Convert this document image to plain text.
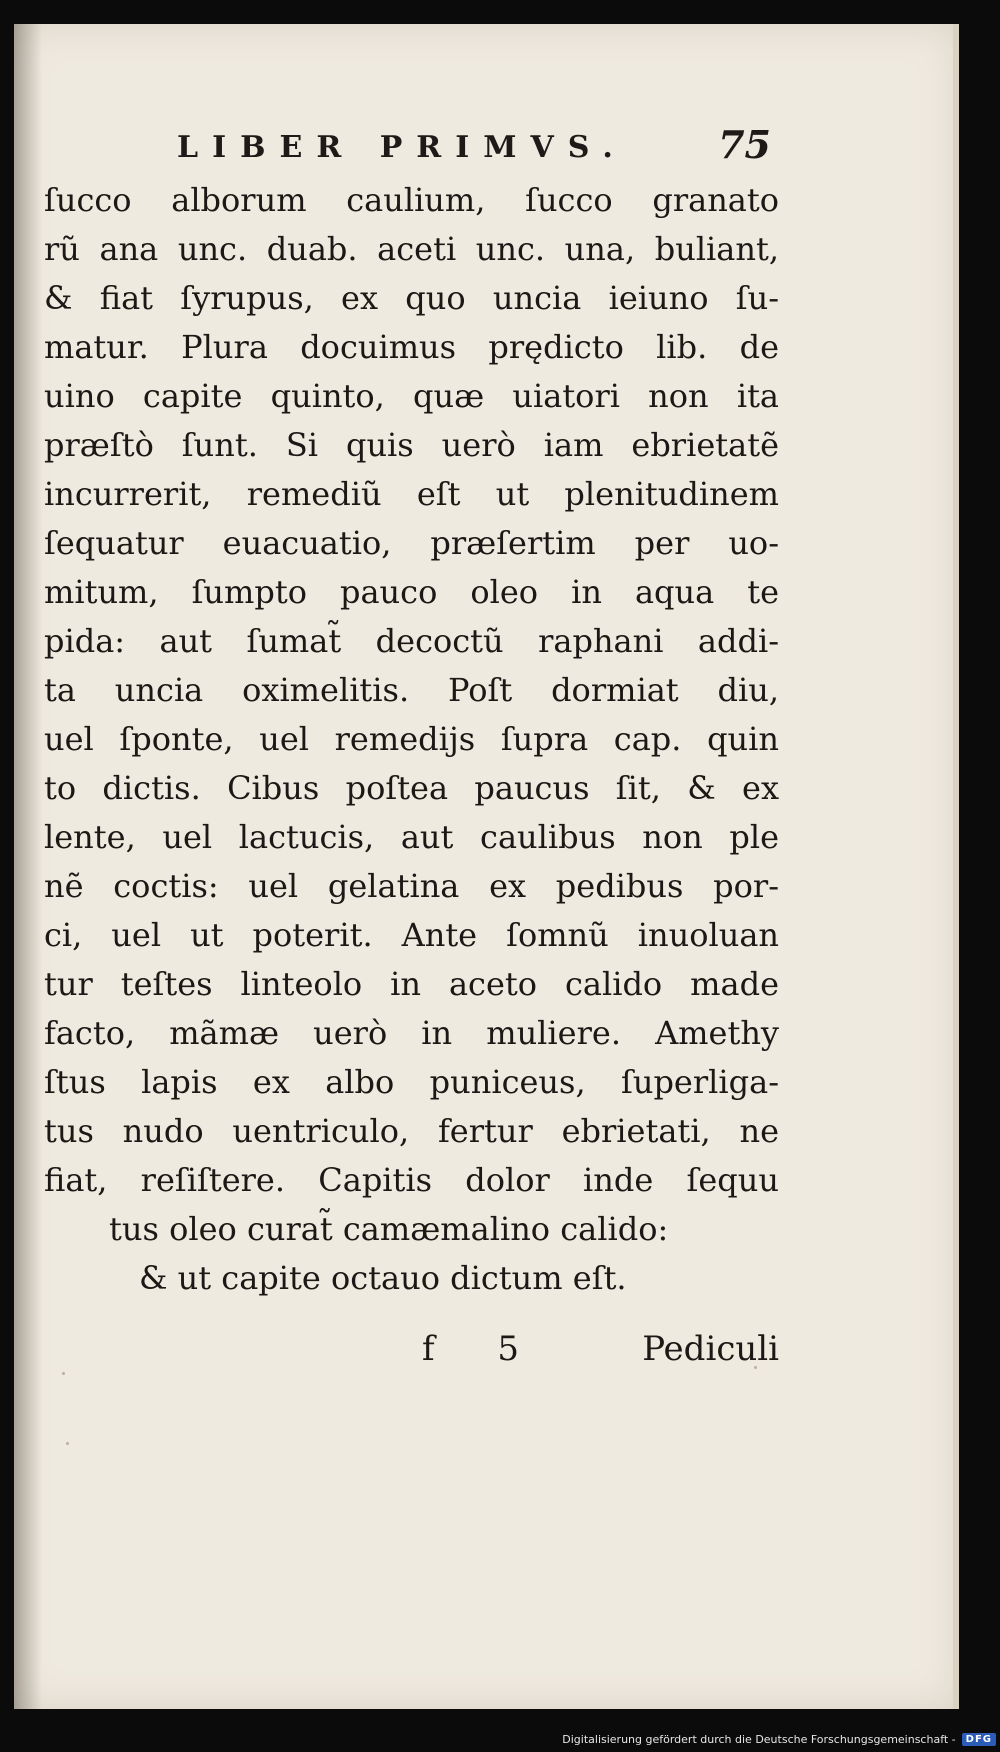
LIBER PRIMVS. 75
ſucco alborum caulium, ſucco granato
rũ ana unc. duab. aceti unc. una, buliant,
& fiat ſyrupus, ex quo uncia ieiuno ſu-
matur. Plura docuimus prędicto lib. de
uino capite quinto, quæ uiatori non ita
præſtò ſunt. Si quis uerò iam ebrietatẽ
incurrerit, remediũ eſt ut plenitudinem
ſequatur euacuatio, præſertim per uo-
mitum, ſumpto pauco oleo in aqua te
pida: aut ſumat̃ decoctũ raphani addi-
ta uncia oximelitis. Poſt dormiat diu,
uel ſponte, uel remedijs ſupra cap. quin
to dictis. Cibus poſtea paucus ſit, & ex
lente, uel lactucis, aut caulibus non ple
nẽ coctis: uel gelatina ex pedibus por-
ci, uel ut poterit. Ante ſomnũ inuoluan
tur teſtes linteolo in aceto calido made
facto, mãmæ uerò in muliere. Amethy
ſtus lapis ex albo puniceus, ſuperliga-
tus nudo uentriculo, fertur ebrietati, ne
fiat, reſiſtere. Capitis dolor inde ſequu
tus oleo curat̃ camæmalino calido:
& ut capite octauo dictum eſt.
f 5	Pediculi
Digitalisierung gefördert durch die Deutsche Forschungsgemeinschaft -	DFG
